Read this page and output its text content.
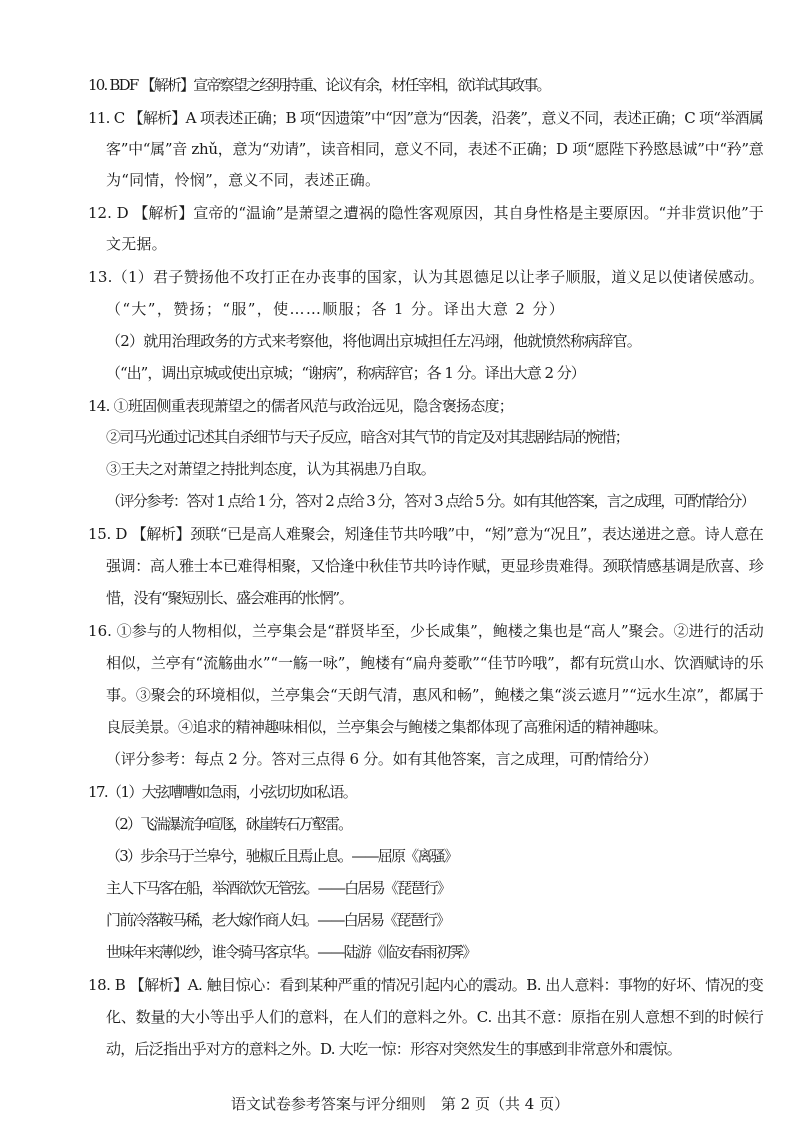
10. BDF 【解析】宣帝察望之经明持重、论议有余，材任宰相，欲详试其政事。
11. C 【解析】A 项表述正确；B 项“因遗策”中“因”意为“因袭，沿袭”，意义不同，表述正确；C 项“举酒属
客”中“属”音 zhǔ，意为“劝请”，读音相同，意义不同，表述不正确；D 项“愿陛下矜愍恳诚”中“矜”意
为“同情，怜悯”，意义不同，表述正确。
12. D 【解析】宣帝的“温谕”是萧望之遭祸的隐性客观原因，其自身性格是主要原因。“并非赏识他”于
文无据。
13.（1）君子赞扬他不攻打正在办丧事的国家，认为其恩德足以让孝子顺服，道义足以使诸侯感动。
（“大”，赞扬；“服”，使……顺服；各 1 分。译出大意 2 分）
（2）就用治理政务的方式来考察他，将他调出京城担任左冯翊，他就愤然称病辞官。
（“出”，调出京城或使出京城；“谢病”，称病辞官；各 1 分。译出大意 2 分）
14. ①班固侧重表现萧望之的儒者风范与政治远见，隐含褒扬态度；
②司马光通过记述其自杀细节与天子反应，暗含对其气节的肯定及对其悲剧结局的惋惜；
③王夫之对萧望之持批判态度，认为其祸患乃自取。
（评分参考：答对 1 点给 1 分，答对 2 点给 3 分，答对 3 点给 5 分。如有其他答案，言之成理，可酌情给分）
15. D 【解析】颈联“已是高人难聚会，矧逢佳节共吟哦”中，“矧”意为“况且”，表达递进之意。诗人意在
强调：高人雅士本已难得相聚，又恰逢中秋佳节共吟诗作赋，更显珍贵难得。颈联情感基调是欣喜、珍
惜，没有“聚短别长、盛会难再的怅惘”。
16. ①参与的人物相似，兰亭集会是“群贤毕至，少长咸集”，鲍楼之集也是“高人”聚会。②进行的活动
相似，兰亭有“流觞曲水”“一觞一咏”，鲍楼有“扁舟菱歌”“佳节吟哦”，都有玩赏山水、饮酒赋诗的乐
事。③聚会的环境相似，兰亭集会“天朗气清，惠风和畅”，鲍楼之集“淡云遮月”“远水生凉”，都属于
良辰美景。④追求的精神趣味相似，兰亭集会与鲍楼之集都体现了高雅闲适的精神趣味。
（评分参考：每点 2 分。答对三点得 6 分。如有其他答案，言之成理，可酌情给分）
17.（1）大弦嘈嘈如急雨，小弦切切如私语。
（2）飞湍瀑流争喧豗，砯崖转石万壑雷。
（3）步余马于兰皋兮，驰椒丘且焉止息。——屈原《离骚》
主人下马客在船，举酒欲饮无管弦。——白居易《琵琶行》
门前冷落鞍马稀，老大嫁作商人妇。——白居易《琵琶行》
世味年来薄似纱，谁令骑马客京华。——陆游《临安春雨初霁》
18. B 【解析】A. 触目惊心：看到某种严重的情况引起内心的震动。B. 出人意料：事物的好坏、情况的变
化、数量的大小等出乎人们的意料，在人们的意料之外。C. 出其不意：原指在别人意想不到的时候行
动，后泛指出乎对方的意料之外。D. 大吃一惊：形容对突然发生的事感到非常意外和震惊。
语文试卷参考答案与评分细则　第 2 页（共 4 页）
